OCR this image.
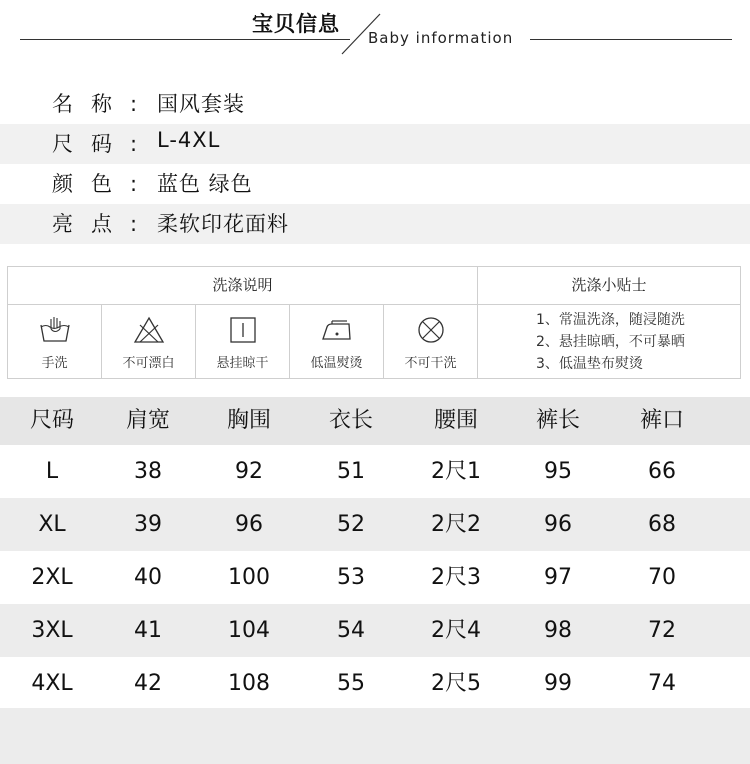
宝贝信息
Baby information
名称: 国风套装
尺码: L-4XL
颜色: 蓝色 绿色
亮点: 柔软印花面料
洗涤说明
手洗	不可漂白	悬挂晾干	低温熨烫	不可干洗
洗涤小贴士
1、常温洗涤，随浸随洗
2、悬挂晾晒，不可暴晒
3、低温垫布熨烫
尺码	肩宽	胸围	衣长	腰围	裤长	裤口
L	38	92	51	2尺1	95	66
XL	39	96	52	2尺2	96	68
2XL	40	100	53	2尺3	97	70
3XL	41	104	54	2尺4	98	72
4XL	42	108	55	2尺5	99	74
